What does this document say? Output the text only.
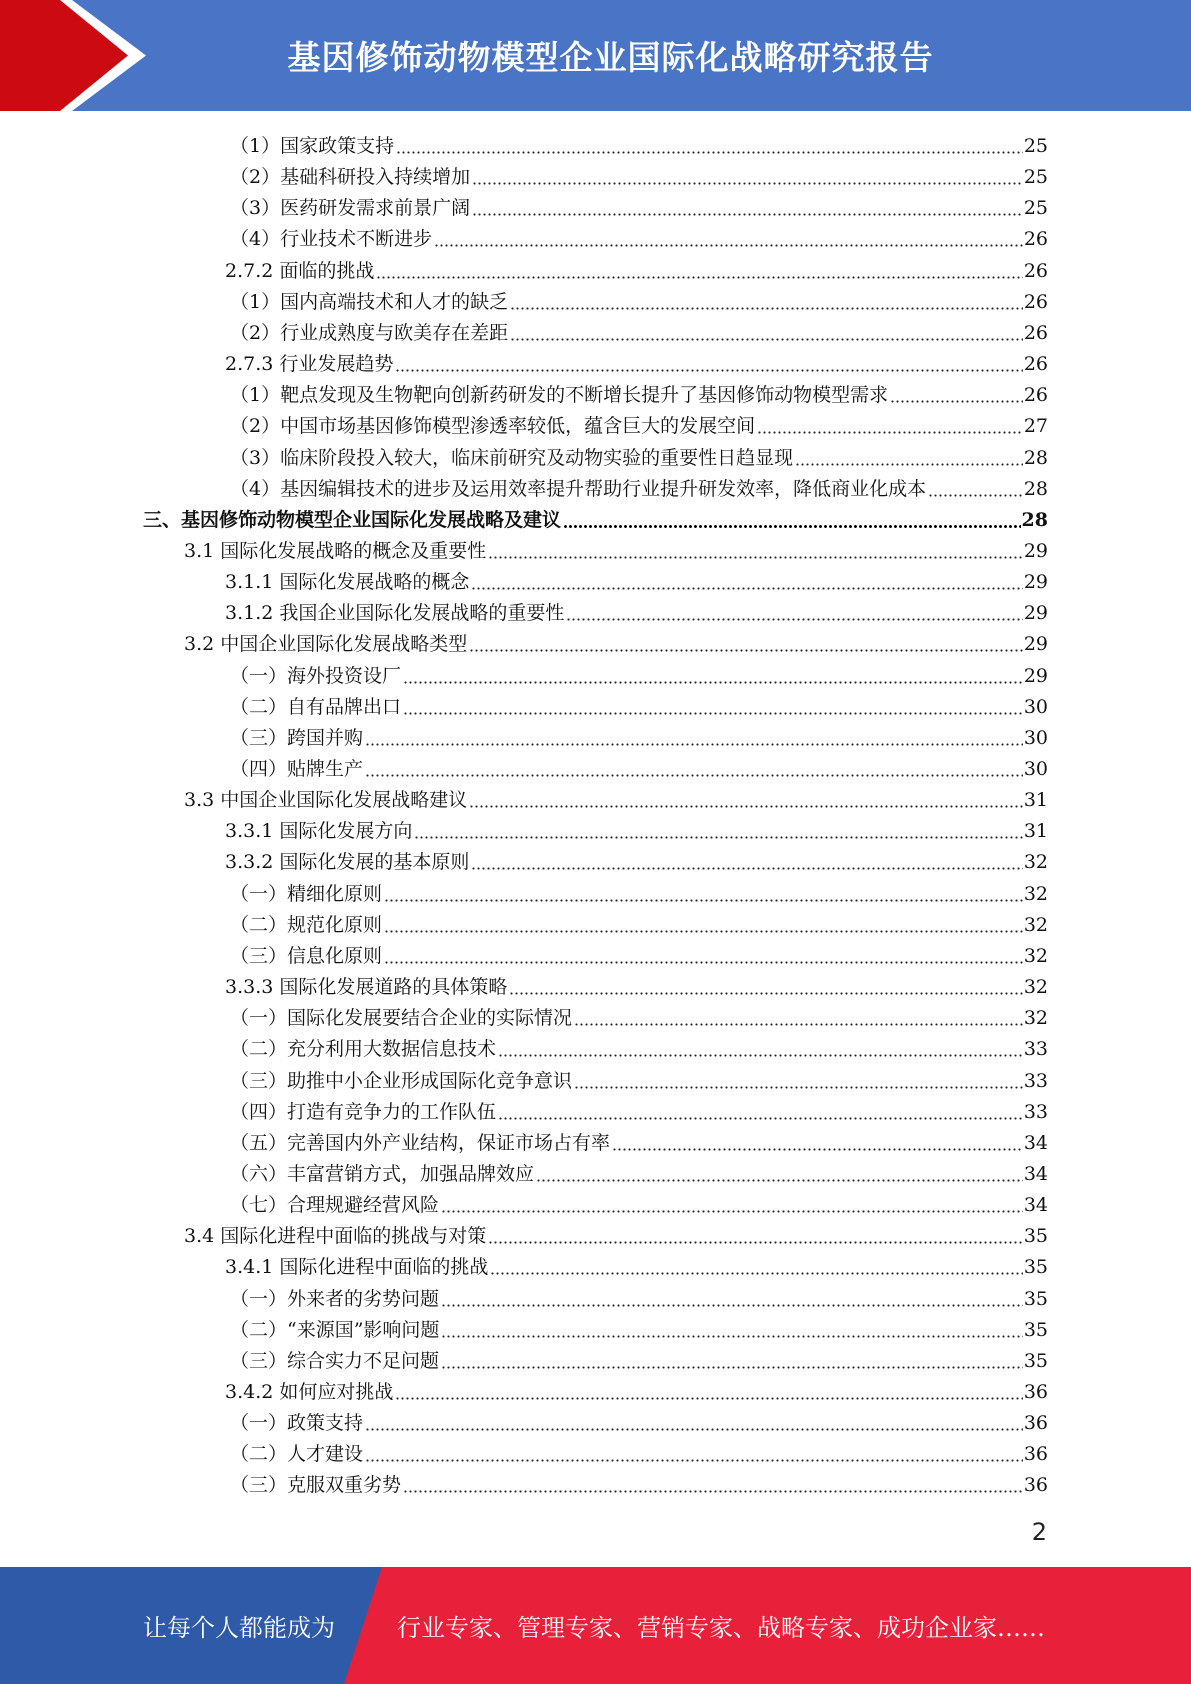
基因修饰动物模型企业国际化战略研究报告
（1）国家政策支持	25
（2）基础科研投入持续增加	25
（3）医药研发需求前景广阔	25
（4）行业技术不断进步	26
2.7.2 面临的挑战	26
（1）国内高端技术和人才的缺乏	26
（2）行业成熟度与欧美存在差距	26
2.7.3 行业发展趋势	26
（1）靶点发现及生物靶向创新药研发的不断增长提升了基因修饰动物模型需求	26
（2）中国市场基因修饰模型渗透率较低，蕴含巨大的发展空间	27
（3）临床阶段投入较大，临床前研究及动物实验的重要性日趋显现	28
（4）基因编辑技术的进步及运用效率提升帮助行业提升研发效率，降低商业化成本	28
三、基因修饰动物模型企业国际化发展战略及建议	28
3.1 国际化发展战略的概念及重要性	29
3.1.1 国际化发展战略的概念	29
3.1.2 我国企业国际化发展战略的重要性	29
3.2 中国企业国际化发展战略类型	29
（一）海外投资设厂	29
（二）自有品牌出口	30
（三）跨国并购	30
（四）贴牌生产	30
3.3 中国企业国际化发展战略建议	31
3.3.1 国际化发展方向	31
3.3.2 国际化发展的基本原则	32
（一）精细化原则	32
（二）规范化原则	32
（三）信息化原则	32
3.3.3 国际化发展道路的具体策略	32
（一）国际化发展要结合企业的实际情况	32
（二）充分利用大数据信息技术	33
（三）助推中小企业形成国际化竞争意识	33
（四）打造有竞争力的工作队伍	33
（五）完善国内外产业结构，保证市场占有率	34
（六）丰富营销方式，加强品牌效应	34
（七）合理规避经营风险	34
3.4 国际化进程中面临的挑战与对策	35
3.4.1 国际化进程中面临的挑战	35
（一）外来者的劣势问题	35
（二）“来源国”影响问题	35
（三）综合实力不足问题	35
3.4.2 如何应对挑战	36
（一）政策支持	36
（二）人才建设	36
（三）克服双重劣势	36
2
让每个人都能成为	行业专家、管理专家、营销专家、战略专家、成功企业家……
